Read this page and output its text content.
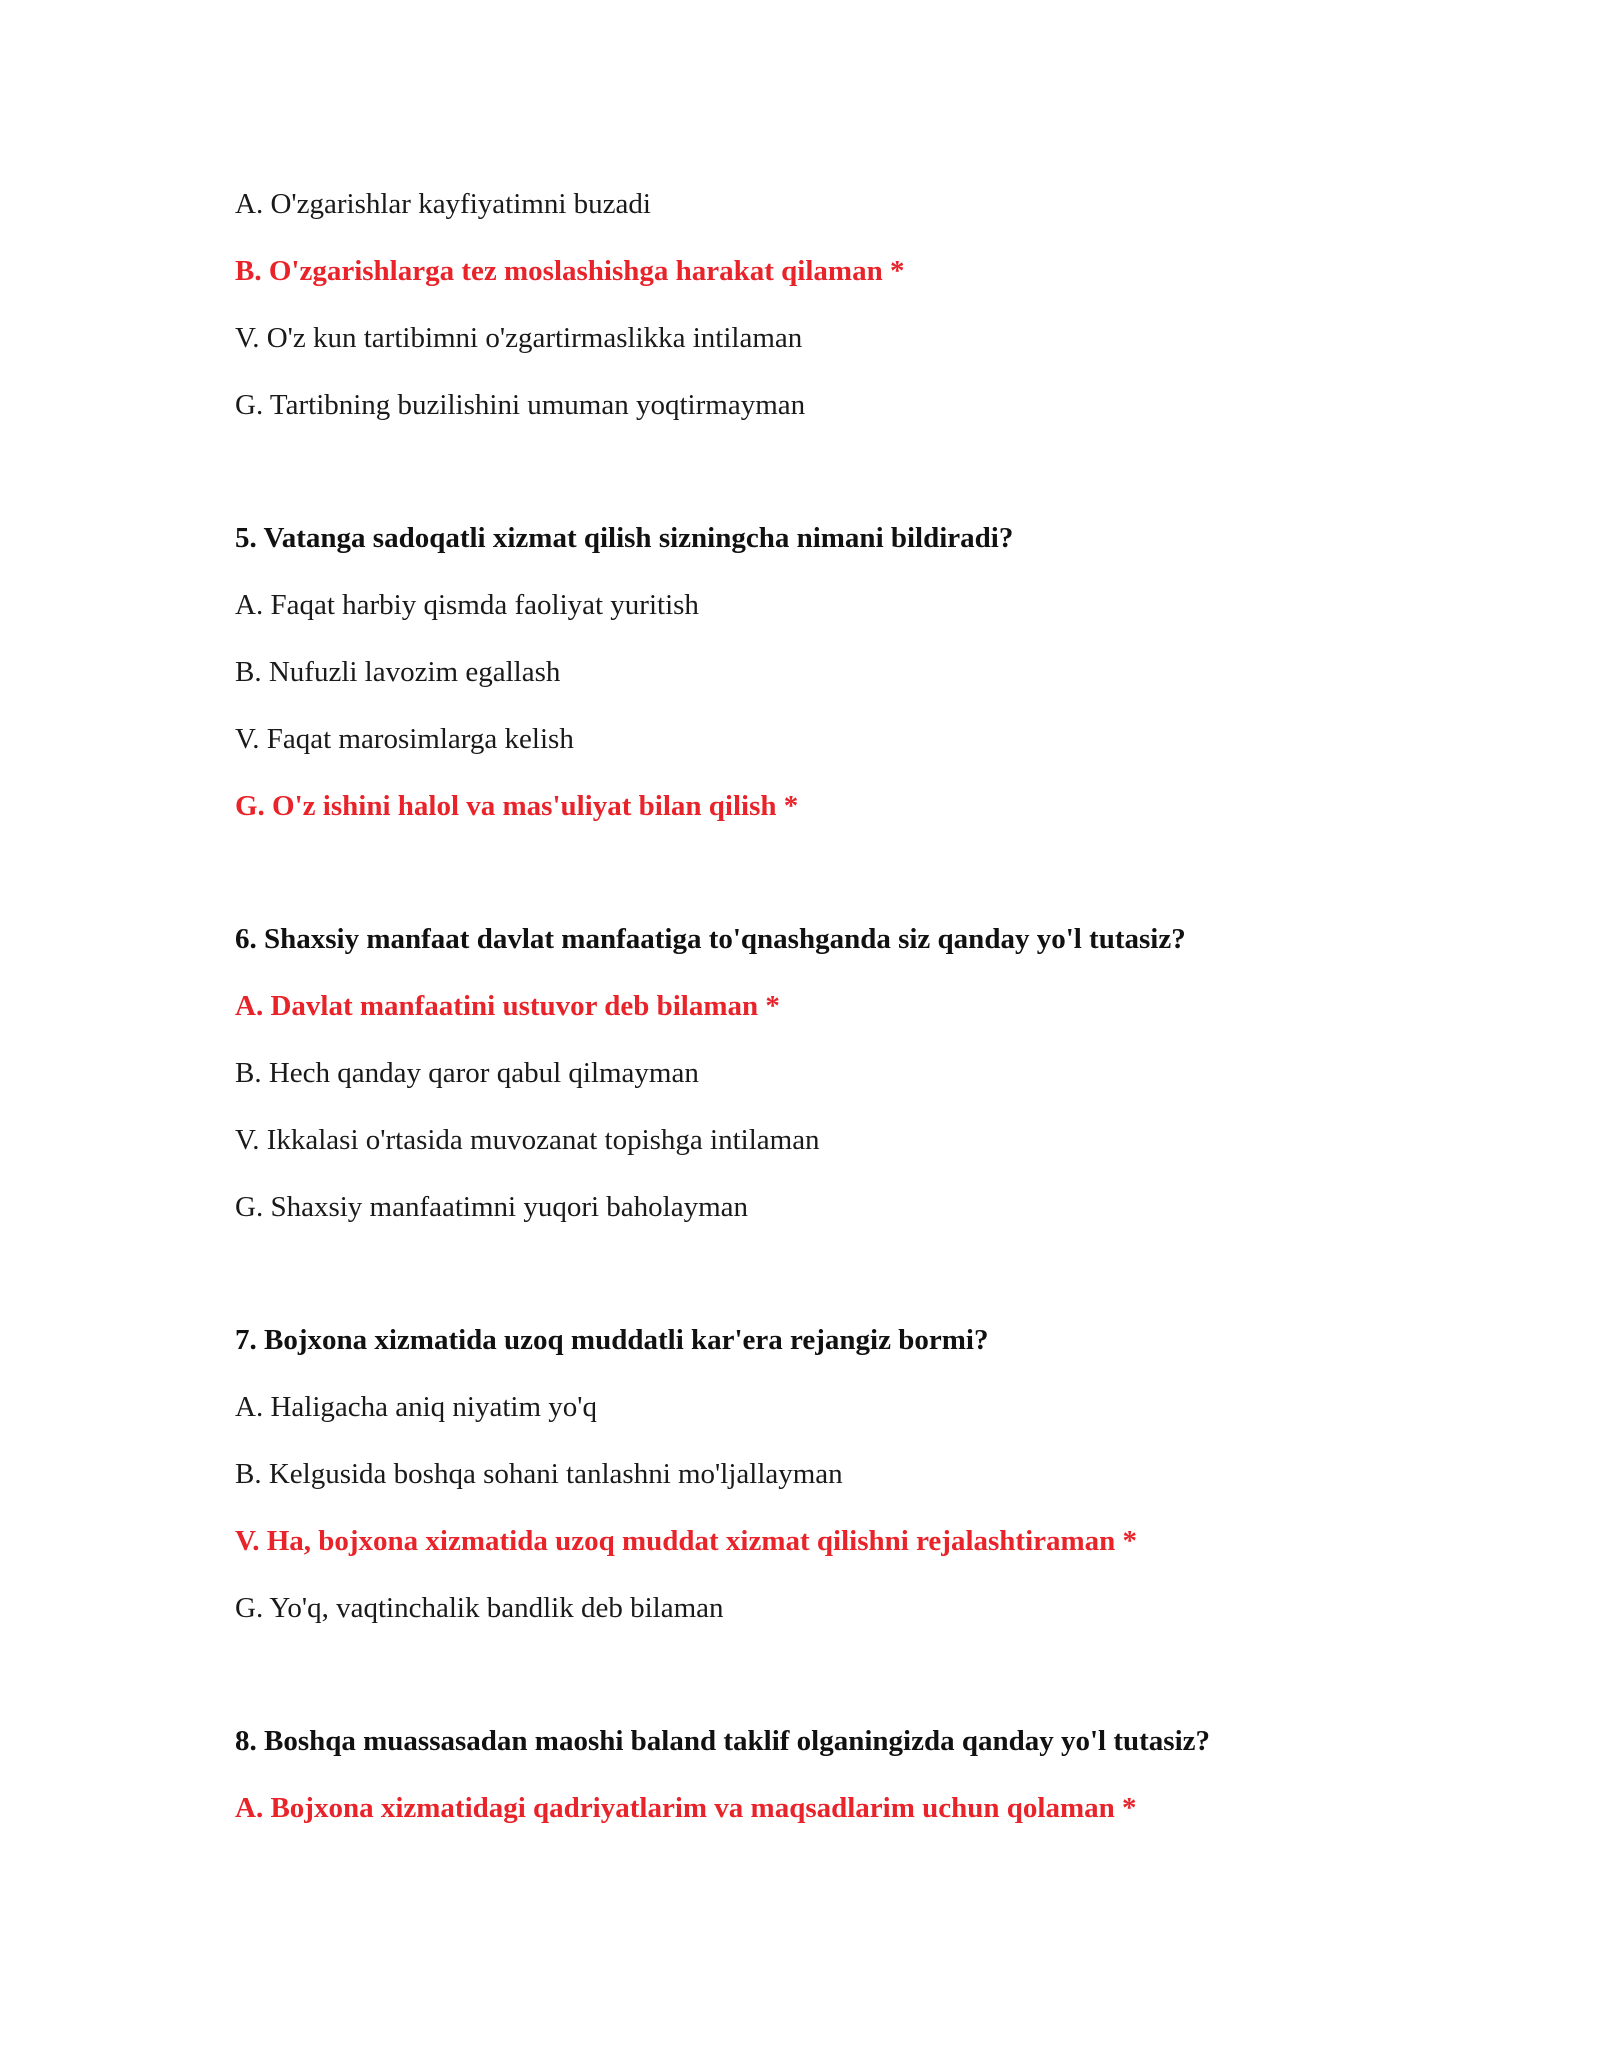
A. O'zgarishlar kayfiyatimni buzadi
B. O'zgarishlarga tez moslashishga harakat qilaman *
V. O'z kun tartibimni o'zgartirmaslikka intilaman
G. Tartibning buzilishini umuman yoqtirmayman
5. Vatanga sadoqatli xizmat qilish sizningcha nimani bildiradi?
A. Faqat harbiy qismda faoliyat yuritish
B. Nufuzli lavozim egallash
V. Faqat marosimlarga kelish
G. O'z ishini halol va mas'uliyat bilan qilish *
6. Shaxsiy manfaat davlat manfaatiga to'qnashganda siz qanday yo'l tutasiz?
A. Davlat manfaatini ustuvor deb bilaman *
B. Hech qanday qaror qabul qilmayman
V. Ikkalasi o'rtasida muvozanat topishga intilaman
G. Shaxsiy manfaatimni yuqori baholayman
7. Bojxona xizmatida uzoq muddatli kar'era rejangiz bormi?
A. Haligacha aniq niyatim yo'q
B. Kelgusida boshqa sohani tanlashni mo'ljallayman
V. Ha, bojxona xizmatida uzoq muddat xizmat qilishni rejalashtiraman *
G. Yo'q, vaqtinchalik bandlik deb bilaman
8. Boshqa muassasadan maoshi baland taklif olganingizda qanday yo'l tutasiz?
A. Bojxona xizmatidagi qadriyatlarim va maqsadlarim uchun qolaman *
